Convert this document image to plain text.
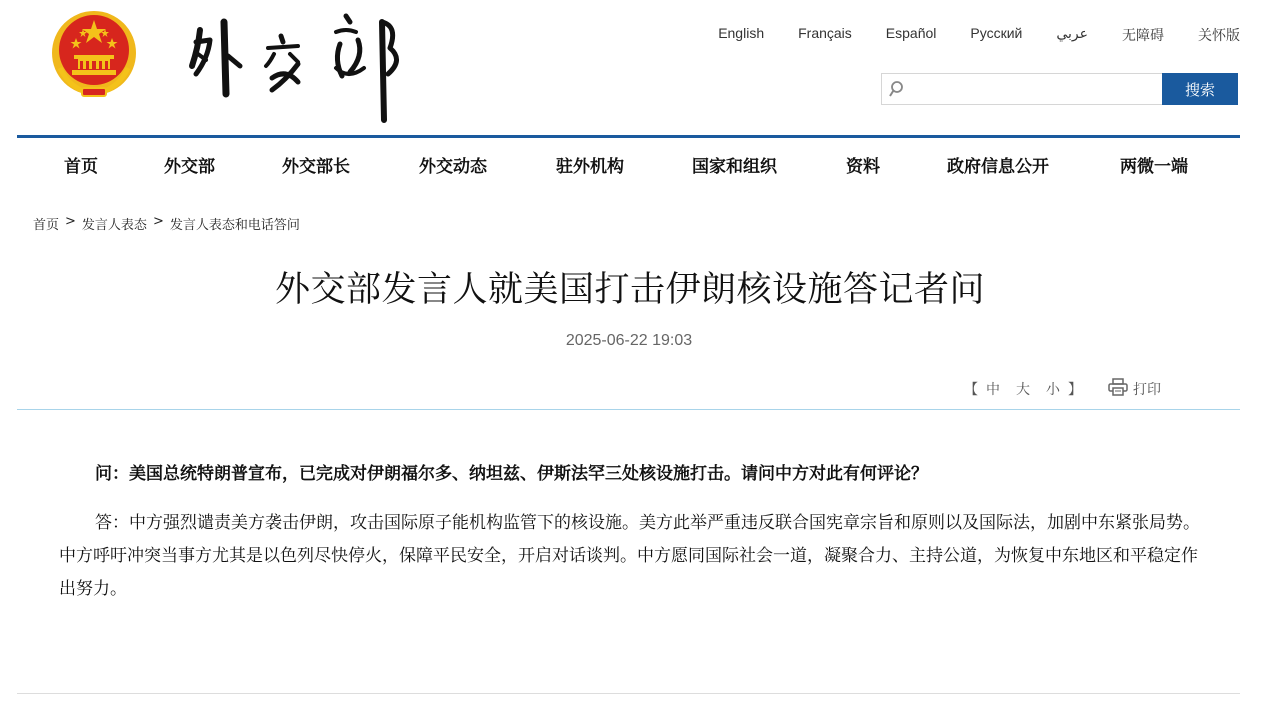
English Français Español Русский عربي 无障碍 关怀版
搜索
首页	外交部	外交部长	外交动态	驻外机构	国家和组织	资料	政府信息公开	两微一端
首页 > 发言人表态 > 发言人表态和电话答问
外交部发言人就美国打击伊朗核设施答记者问
2025-06-22 19:03
【 中 大 小 】	打印

问：美国总统特朗普宣布，已完成对伊朗福尔多、纳坦兹、伊斯法罕三处核设施打击。请问中方对此有何评论？

答：中方强烈谴责美方袭击伊朗，攻击国际原子能机构监管下的核设施。美方此举严重违反联合国宪章宗旨和原则以及国际法，加剧中东紧张局势。中方呼吁冲突当事方尤其是以色列尽快停火，保障平民安全，开启对话谈判。中方愿同国际社会一道，凝聚合力、主持公道，为恢复中东地区和平稳定作出努力。
